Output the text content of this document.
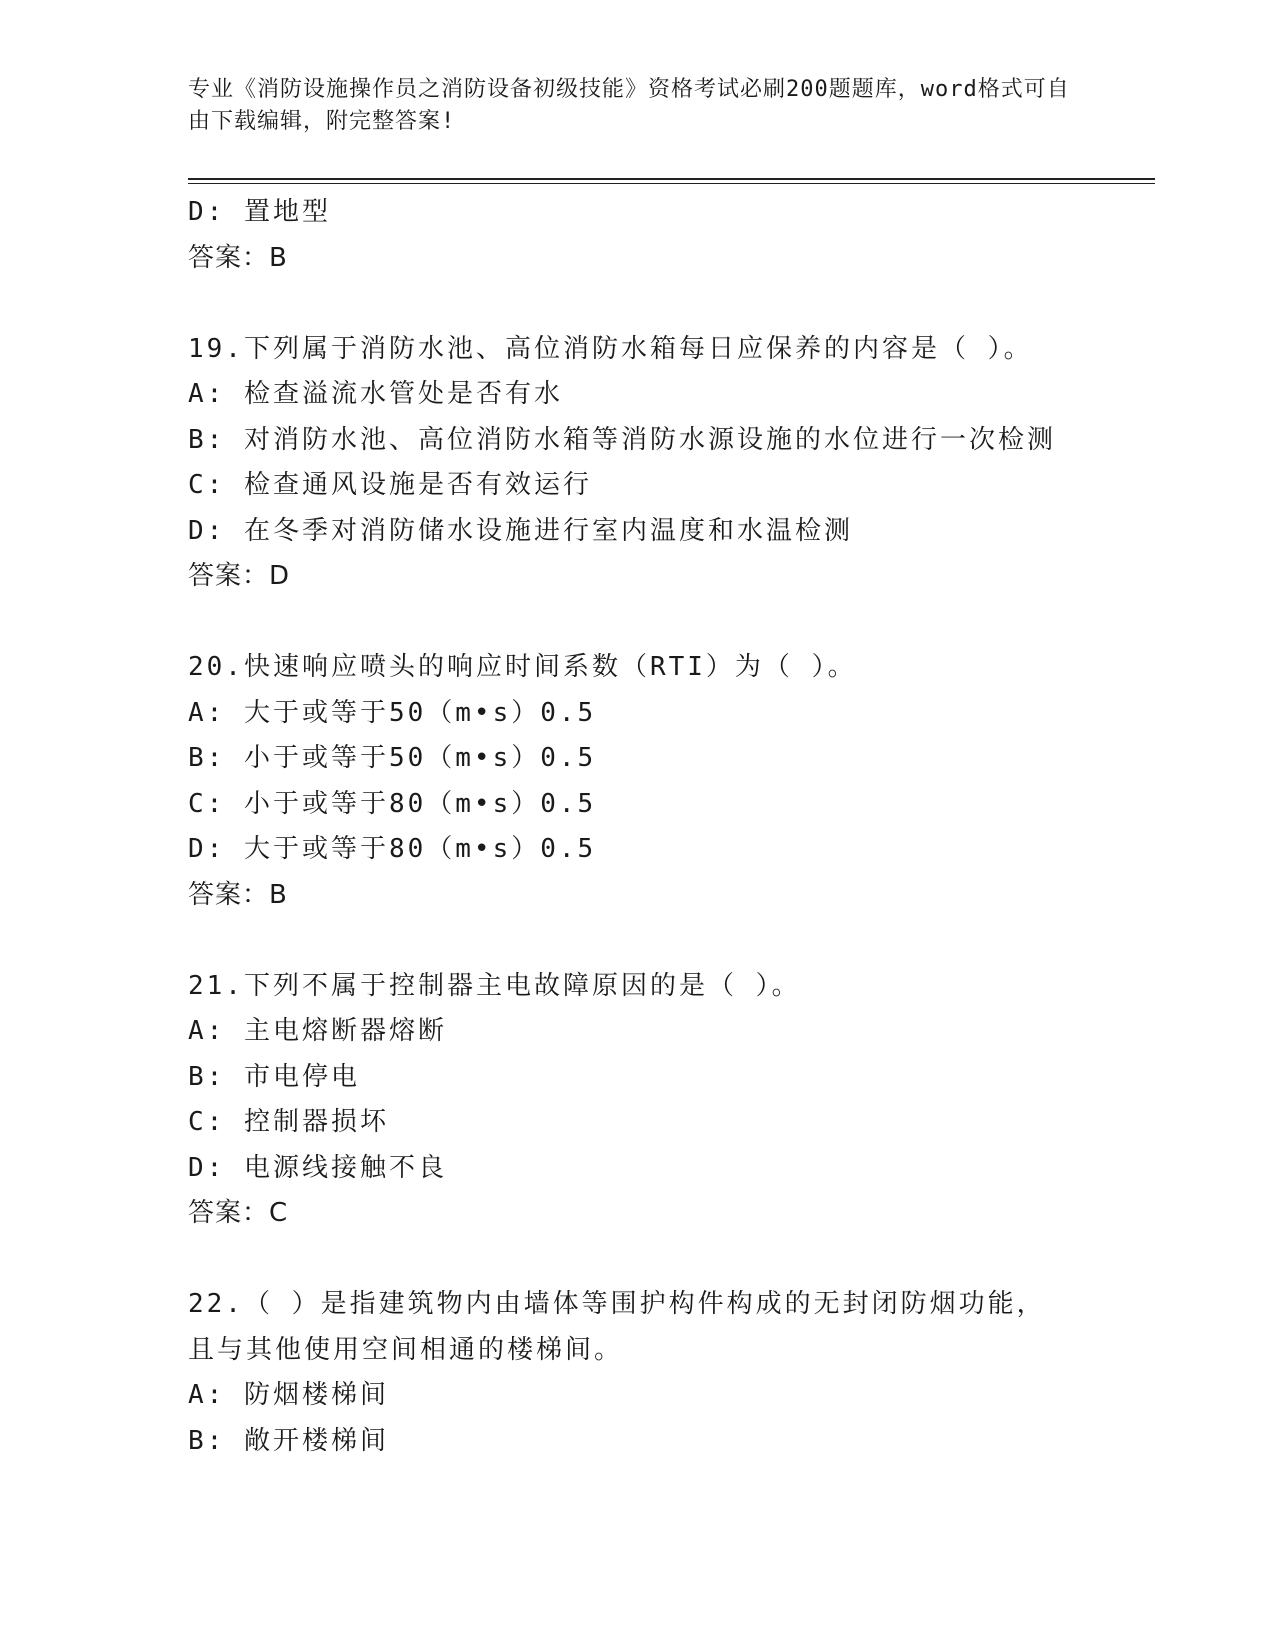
专业《消防设施操作员之消防设备初级技能》资格考试必刷200题题库，word格式可自由下载编辑，附完整答案!
D: 置地型
答案：B
19.下列属于消防水池、高位消防水箱每日应保养的内容是（ ）。
A: 检查溢流水管处是否有水
B: 对消防水池、高位消防水箱等消防水源设施的水位进行一次检测
C: 检查通风设施是否有效运行
D: 在冬季对消防储水设施进行室内温度和水温检测
答案：D
20.快速响应喷头的响应时间系数（RTI）为（ ）。
A: 大于或等于50（m•s）0.5
B: 小于或等于50（m•s）0.5
C: 小于或等于80（m•s）0.5
D: 大于或等于80（m•s）0.5
答案：B
21.下列不属于控制器主电故障原因的是（ ）。
A: 主电熔断器熔断
B: 市电停电
C: 控制器损坏
D: 电源线接触不良
答案：C
22.（ ）是指建筑物内由墙体等围护构件构成的无封闭防烟功能，且与其他使用空间相通的楼梯间。
A: 防烟楼梯间
B: 敞开楼梯间
